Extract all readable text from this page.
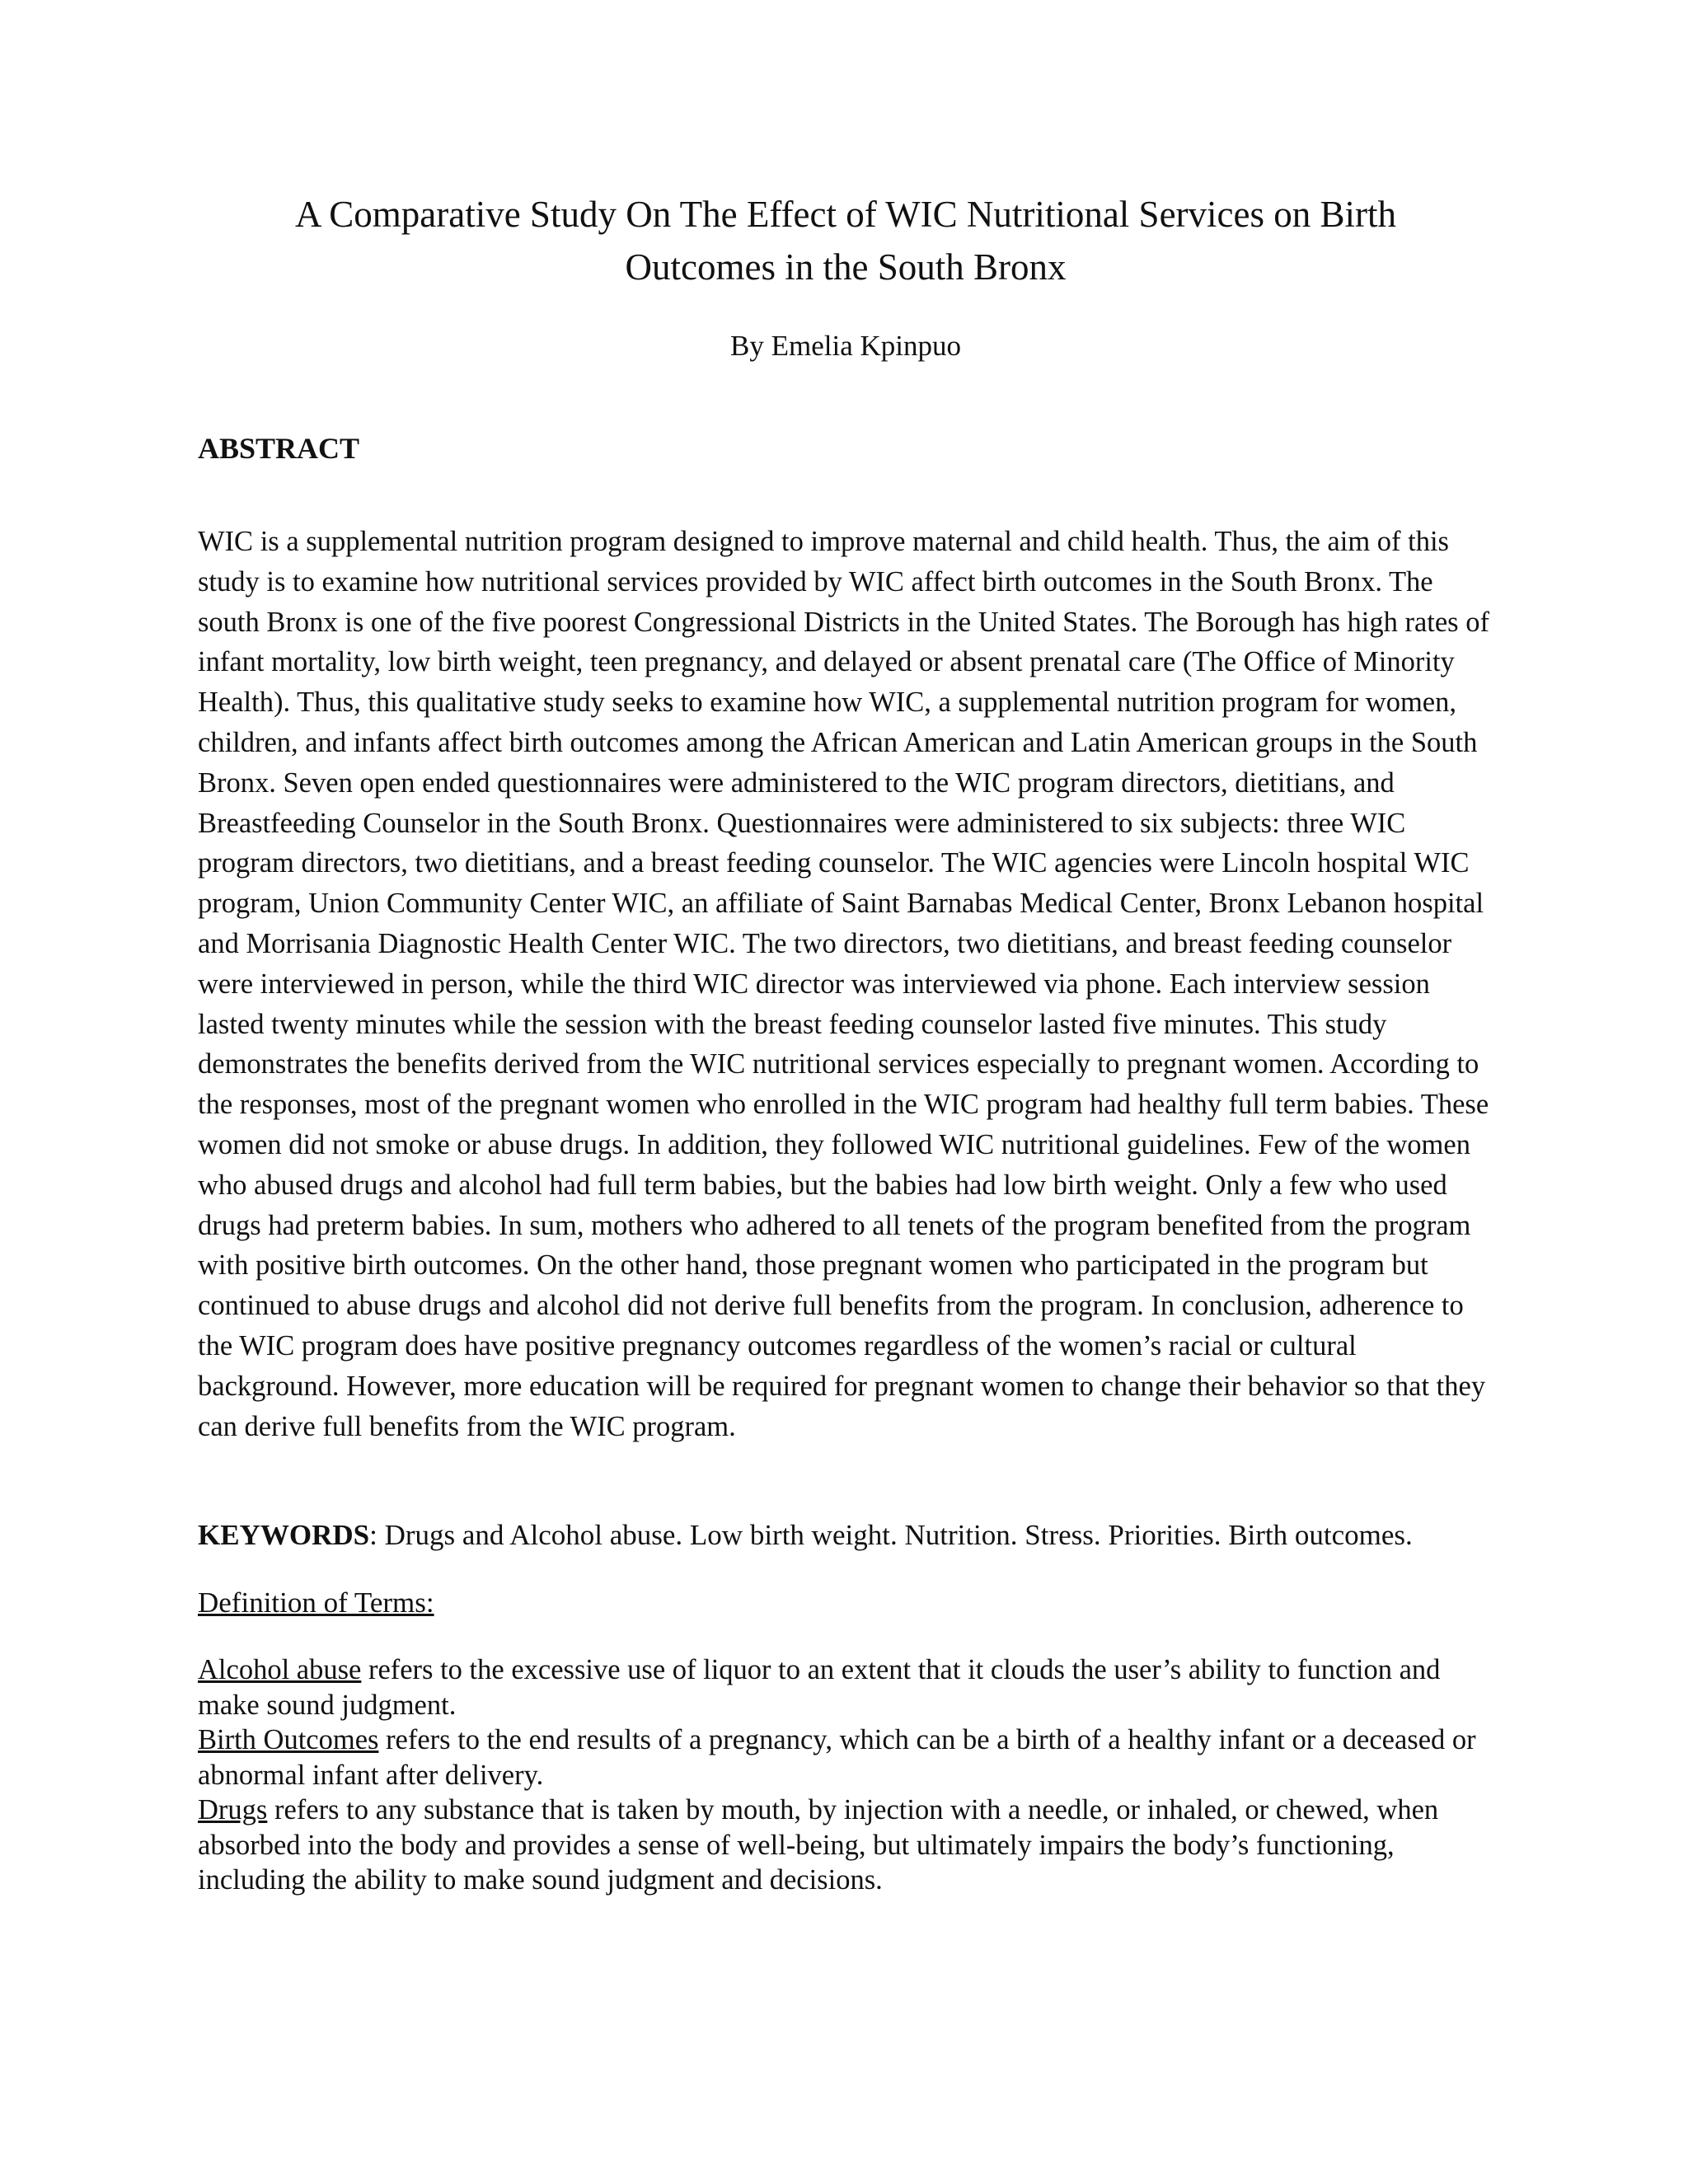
A Comparative Study On The Effect of WIC Nutritional Services on Birth
Outcomes in the South Bronx
By Emelia Kpinpuo
ABSTRACT
WIC is a supplemental nutrition program designed to improve maternal and child health. Thus, the aim of this study is to examine how nutritional services provided by WIC affect birth outcomes in the South Bronx. The south Bronx is one of the five poorest Congressional Districts in the United States. The Borough has high rates of infant mortality, low birth weight, teen pregnancy, and delayed or absent prenatal care (The Office of Minority Health). Thus, this qualitative study seeks to examine how WIC, a supplemental nutrition program for women, children, and infants affect birth outcomes among the African American and Latin American groups in the South Bronx. Seven open ended questionnaires were administered to the WIC program directors, dietitians, and Breastfeeding Counselor in the South Bronx. Questionnaires were administered to six subjects: three WIC program directors, two dietitians, and a breast feeding counselor. The WIC agencies were Lincoln hospital WIC program, Union Community Center WIC, an affiliate of Saint Barnabas Medical Center, Bronx Lebanon hospital and Morrisania Diagnostic Health Center WIC. The two directors, two dietitians, and breast feeding counselor were interviewed in person, while the third WIC director was interviewed via phone. Each interview session lasted twenty minutes while the session with the breast feeding counselor lasted five minutes. This study demonstrates the benefits derived from the WIC nutritional services especially to pregnant women. According to the responses, most of the pregnant women who enrolled in the WIC program had healthy full term babies. These women did not smoke or abuse drugs. In addition, they followed WIC nutritional guidelines. Few of the women who abused drugs and alcohol had full term babies, but the babies had low birth weight. Only a few who used drugs had preterm babies. In sum, mothers who adhered to all tenets of the program benefited from the program with positive birth outcomes. On the other hand, those pregnant women who participated in the program but continued to abuse drugs and alcohol did not derive full benefits from the program. In conclusion, adherence to the WIC program does have positive pregnancy outcomes regardless of the women’s racial or cultural background. However, more education will be required for pregnant women to change their behavior so that they can derive full benefits from the WIC program.
KEYWORDS: Drugs and Alcohol abuse. Low birth weight. Nutrition. Stress. Priorities. Birth outcomes.
Definition of Terms:
Alcohol abuse refers to the excessive use of liquor to an extent that it clouds the user’s ability to function and make sound judgment.
Birth Outcomes refers to the end results of a pregnancy, which can be a birth of a healthy infant or a deceased or abnormal infant after delivery.
Drugs refers to any substance that is taken by mouth, by injection with a needle, or inhaled, or chewed, when absorbed into the body and provides a sense of well-being, but ultimately impairs the body’s functioning, including the ability to make sound judgment and decisions.
